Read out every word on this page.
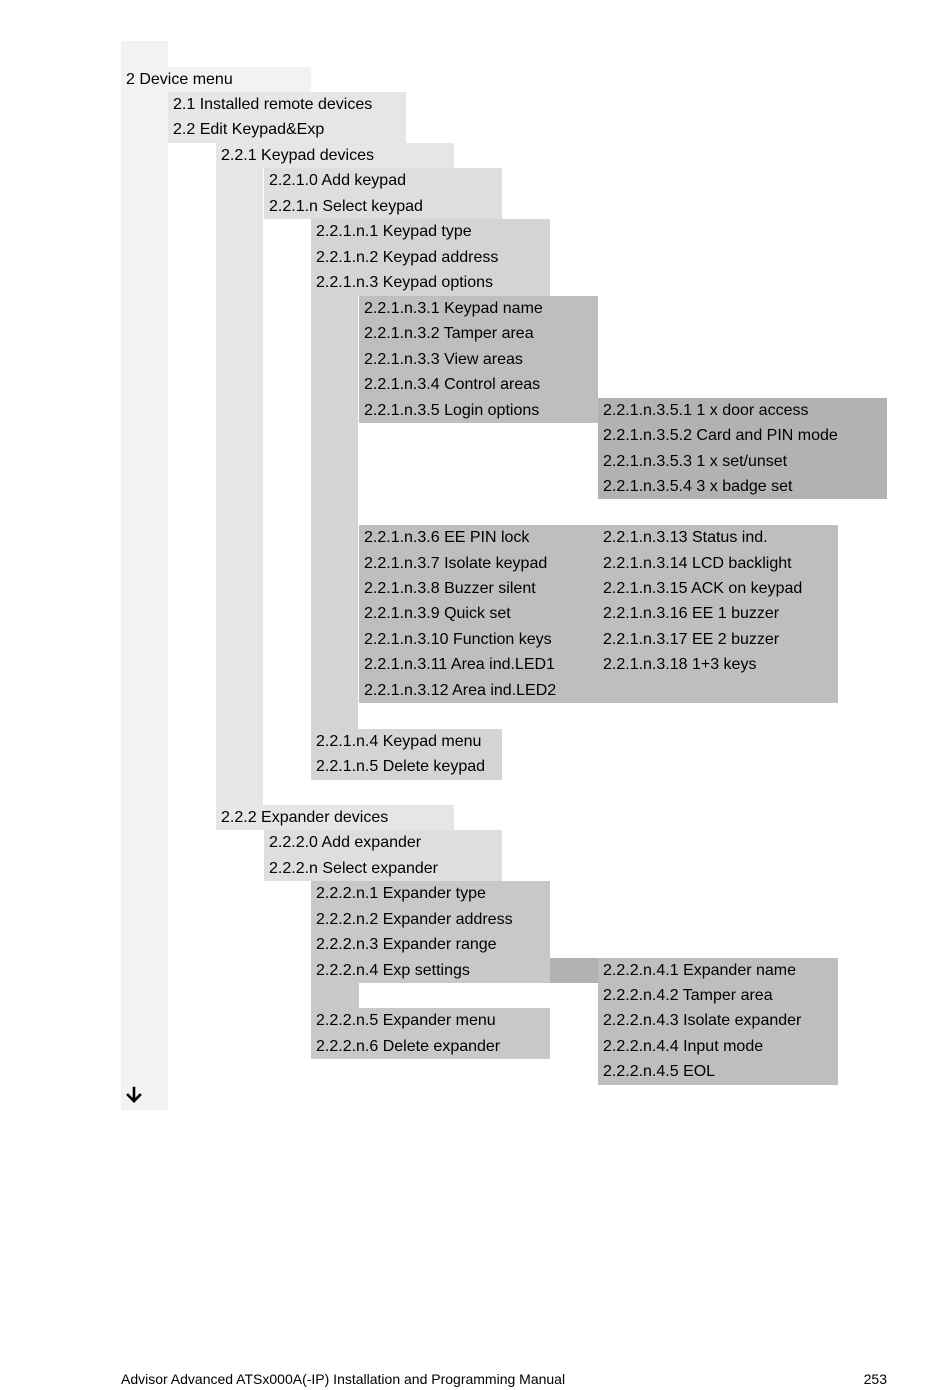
2 Device menu
2.1 Installed remote devices
2.2 Edit Keypad&Exp
2.2.1 Keypad devices
2.2.1.0 Add keypad
2.2.1.n Select keypad
2.2.1.n.1 Keypad type
2.2.1.n.2 Keypad address
2.2.1.n.3 Keypad options
2.2.1.n.4 Keypad menu
2.2.1.n.5 Delete keypad
2.2.1.n.3.1 Keypad name
2.2.1.n.3.2 Tamper area
2.2.1.n.3.3 View areas
2.2.1.n.3.4 Control areas
2.2.1.n.3.5 Login options	2.2.1.n.3.5.1 1 x door access
2.2.1.n.3.5.2 Card and PIN mode
2.2.1.n.3.5.3 1 x set/unset
2.2.1.n.3.5.4 3 x badge set
2.2.1.n.3.6 EE PIN lock
2.2.1.n.3.7 Isolate keypad
2.2.1.n.3.8 Buzzer silent
2.2.1.n.3.9 Quick set
2.2.1.n.3.10 Function keys
2.2.1.n.3.11 Area ind.LED1
2.2.1.n.3.12 Area ind.LED2
2.2.1.n.3.13 Status ind.
2.2.1.n.3.14 LCD backlight
2.2.1.n.3.15 ACK on keypad
2.2.1.n.3.16 EE 1 buzzer
2.2.1.n.3.17 EE 2 buzzer
2.2.1.n.3.18 1+3 keys
2.2.2 Expander devices
2.2.2.0 Add expander
2.2.2.n Select expander
2.2.2.n.1 Expander type
2.2.2.n.2 Expander address
2.2.2.n.3 Expander range
2.2.2.n.4 Exp settings
2.2.2.n.5 Expander menu
2.2.2.n.6 Delete expander
2.2.2.n.4.1 Expander name
2.2.2.n.4.2 Tamper area
2.2.2.n.4.3 Isolate expander
2.2.2.n.4.4 Input mode
2.2.2.n.4.5 EOL
Advisor Advanced ATSx000A(-IP) Installation and Programming Manual	253
